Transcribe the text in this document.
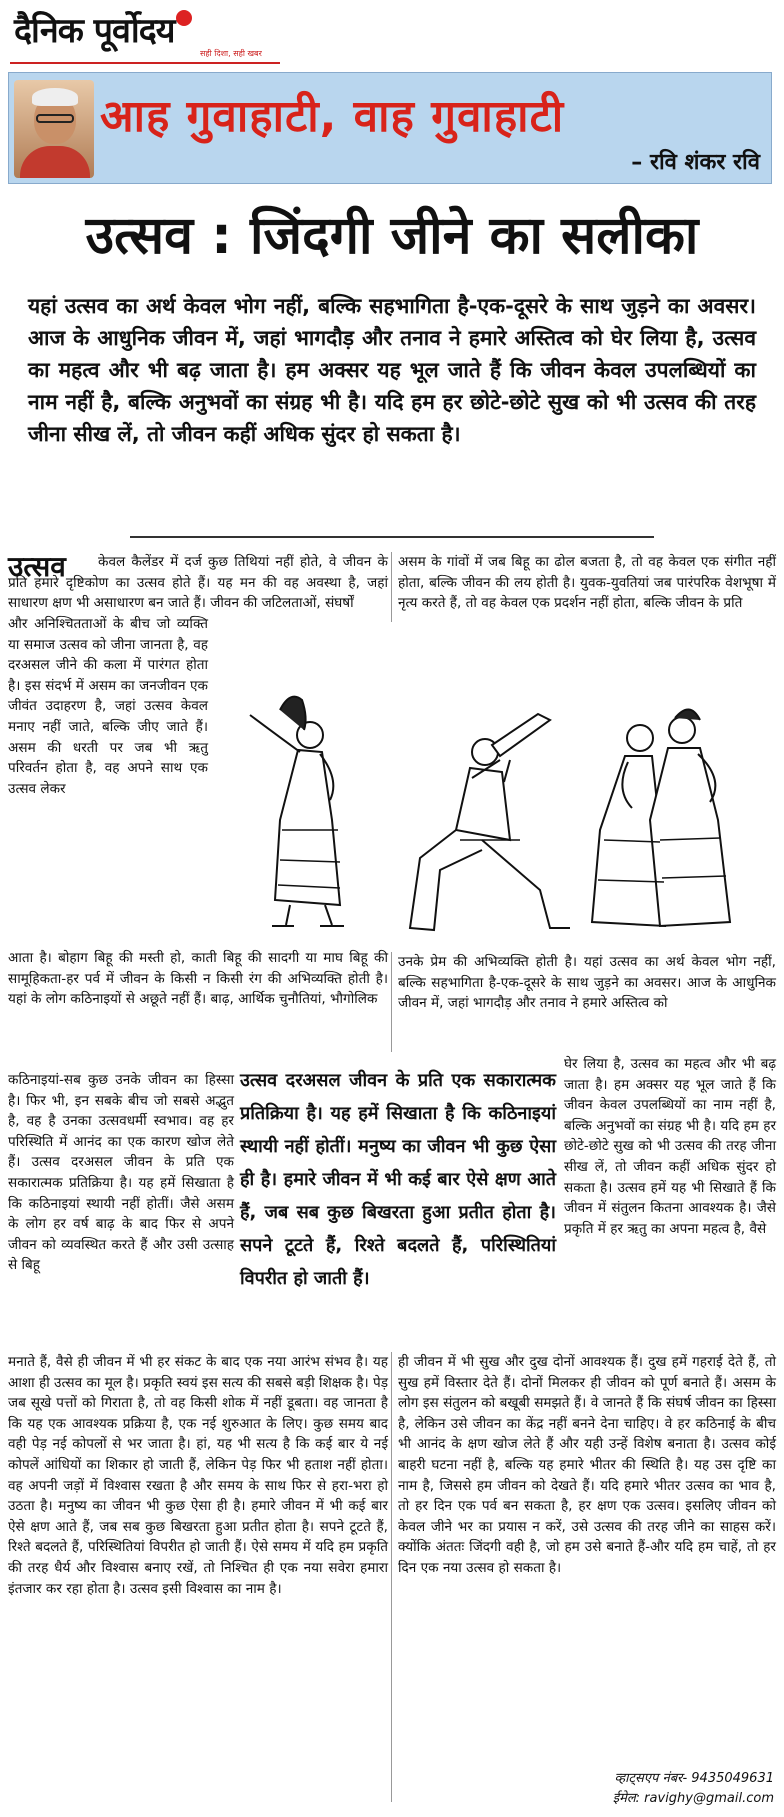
दैनिक पूर्वोदय
सही दिशा, सही खबर
आह गुवाहाटी, वाह गुवाहाटी
– रवि शंकर रवि
उत्सव : जिंदगी जीने का सलीका
यहां उत्सव का अर्थ केवल भोग नहीं, बल्कि सहभागिता है-एक-दूसरे के साथ जुड़ने का अवसर। आज के आधुनिक जीवन में, जहां भागदौड़ और तनाव ने हमारे अस्तित्व को घेर लिया है, उत्सव का महत्व और भी बढ़ जाता है। हम अक्सर यह भूल जाते हैं कि जीवन केवल उपलब्धियों का नाम नहीं है, बल्कि अनुभवों का संग्रह भी है। यदि हम हर छोटे-छोटे सुख को भी उत्सव की तरह जीना सीख लें, तो जीवन कहीं अधिक सुंदर हो सकता है।
उत्सव	केवल कैलेंडर में दर्ज कुछ तिथियां नहीं होते, वे जीवन के प्रति हमारे दृष्टिकोण का उत्सव होते हैं। यह मन की वह अवस्था है, जहां साधारण क्षण भी असाधारण बन जाते हैं। जीवन की जटिलताओं, संघर्षों
और अनिश्चितताओं के बीच जो व्यक्ति या समाज उत्सव को जीना जानता है, वह दरअसल जीने की कला में पारंगत होता है। इस संदर्भ में असम का जनजीवन एक जीवंत उदाहरण है, जहां उत्सव केवल मनाए नहीं जाते, बल्कि जीए जाते हैं। असम की धरती पर जब भी ऋतु परिवर्तन होता है, वह अपने साथ एक उत्सव लेकर
आता है। बोहाग बिहू की मस्ती हो, काती बिहू की सादगी या माघ बिहू की सामूहिकता-हर पर्व में जीवन के किसी न किसी रंग की अभिव्यक्ति होती है। यहां के लोग कठिनाइयों से अछूते नहीं हैं। बाढ़, आर्थिक चुनौतियां, भौगोलिक
कठिनाइयां-सब कुछ उनके जीवन का हिस्सा है। फिर भी, इन सबके बीच जो सबसे अद्भुत है, वह है उनका उत्सवधर्मी स्वभाव। वह हर परिस्थिति में आनंद का एक कारण खोज लेते हैं। उत्सव दरअसल जीवन के प्रति एक सकारात्मक प्रतिक्रिया है। यह हमें सिखाता है कि कठिनाइयां स्थायी नहीं होतीं। जैसे असम के लोग हर वर्ष बाढ़ के बाद फिर से अपने जीवन को व्यवस्थित करते हैं और उसी उत्साह से बिहू
मनाते हैं, वैसे ही जीवन में भी हर संकट के बाद एक नया आरंभ संभव है। यह आशा ही उत्सव का मूल है। प्रकृति स्वयं इस सत्य की सबसे बड़ी शिक्षक है। पेड़ जब सूखे पत्तों को गिराता है, तो वह किसी शोक में नहीं डूबता। वह जानता है कि यह एक आवश्यक प्रक्रिया है, एक नई शुरुआत के लिए। कुछ समय बाद वही पेड़ नई कोपलों से भर जाता है। हां, यह भी सत्य है कि कई बार ये नई कोपलें आंधियों का शिकार हो जाती हैं, लेकिन पेड़ फिर भी हताश नहीं होता। वह अपनी जड़ों में विश्वास रखता है और समय के साथ फिर से हरा-भरा हो उठता है। मनुष्य का जीवन भी कुछ ऐसा ही है। हमारे जीवन में भी कई बार ऐसे क्षण आते हैं, जब सब कुछ बिखरता हुआ प्रतीत होता है। सपने टूटते हैं, रिश्ते बदलते हैं, परिस्थितियां विपरीत हो जाती हैं। ऐसे समय में यदि हम प्रकृति की तरह धैर्य और विश्वास बनाए रखें, तो निश्चित ही एक नया सवेरा हमारा इंतजार कर रहा होता है। उत्सव इसी विश्वास का नाम है।
असम के गांवों में जब बिहू का ढोल बजता है, तो वह केवल एक संगीत नहीं होता, बल्कि जीवन की लय होती है। युवक-युवतियां जब पारंपरिक वेशभूषा में नृत्य करते हैं, तो वह केवल एक प्रदर्शन नहीं होता, बल्कि जीवन के प्रति
उनके प्रेम की अभिव्यक्ति होती है। यहां उत्सव का अर्थ केवल भोग नहीं, बल्कि सहभागिता है-एक-दूसरे के साथ जुड़ने का अवसर। आज के आधुनिक जीवन में, जहां भागदौड़ और तनाव ने हमारे अस्तित्व को
घेर लिया है, उत्सव का महत्व और भी बढ़ जाता है। हम अक्सर यह भूल जाते हैं कि जीवन केवल उपलब्धियों का नाम नहीं है, बल्कि अनुभवों का संग्रह भी है। यदि हम हर छोटे-छोटे सुख को भी उत्सव की तरह जीना सीख लें, तो जीवन कहीं अधिक सुंदर हो सकता है। उत्सव हमें यह भी सिखाते हैं कि जीवन में संतुलन कितना आवश्यक है। जैसे प्रकृति में हर ऋतु का अपना महत्व है, वैसे
ही जीवन में भी सुख और दुख दोनों आवश्यक हैं। दुख हमें गहराई देते हैं, तो सुख हमें विस्तार देते हैं। दोनों मिलकर ही जीवन को पूर्ण बनाते हैं। असम के लोग इस संतुलन को बखूबी समझते हैं। वे जानते हैं कि संघर्ष जीवन का हिस्सा है, लेकिन उसे जीवन का केंद्र नहीं बनने देना चाहिए। वे हर कठिनाई के बीच भी आनंद के क्षण खोज लेते हैं और यही उन्हें विशेष बनाता है। उत्सव कोई बाहरी घटना नहीं है, बल्कि यह हमारे भीतर की स्थिति है। यह उस दृष्टि का नाम है, जिससे हम जीवन को देखते हैं। यदि हमारे भीतर उत्सव का भाव है, तो हर दिन एक पर्व बन सकता है, हर क्षण एक उत्सव। इसलिए जीवन को केवल जीने भर का प्रयास न करें, उसे उत्सव की तरह जीने का साहस करें। क्योंकि अंततः जिंदगी वही है, जो हम उसे बनाते हैं-और यदि हम चाहें, तो हर दिन एक नया उत्सव हो सकता है।
उत्सव दरअसल जीवन के प्रति एक सकारात्मक प्रतिक्रिया है। यह हमें सिखाता है कि कठिनाइयां स्थायी नहीं होतीं। मनुष्य का जीवन भी कुछ ऐसा ही है। हमारे जीवन में भी कई बार ऐसे क्षण आते हैं, जब सब कुछ बिखरता हुआ प्रतीत होता है। सपने टूटते हैं, रिश्ते बदलते हैं, परिस्थितियां विपरीत हो जाती हैं।
व्हाट्सएप नंबर- 9435049631
ईमेल: ravighy@gmail.com
